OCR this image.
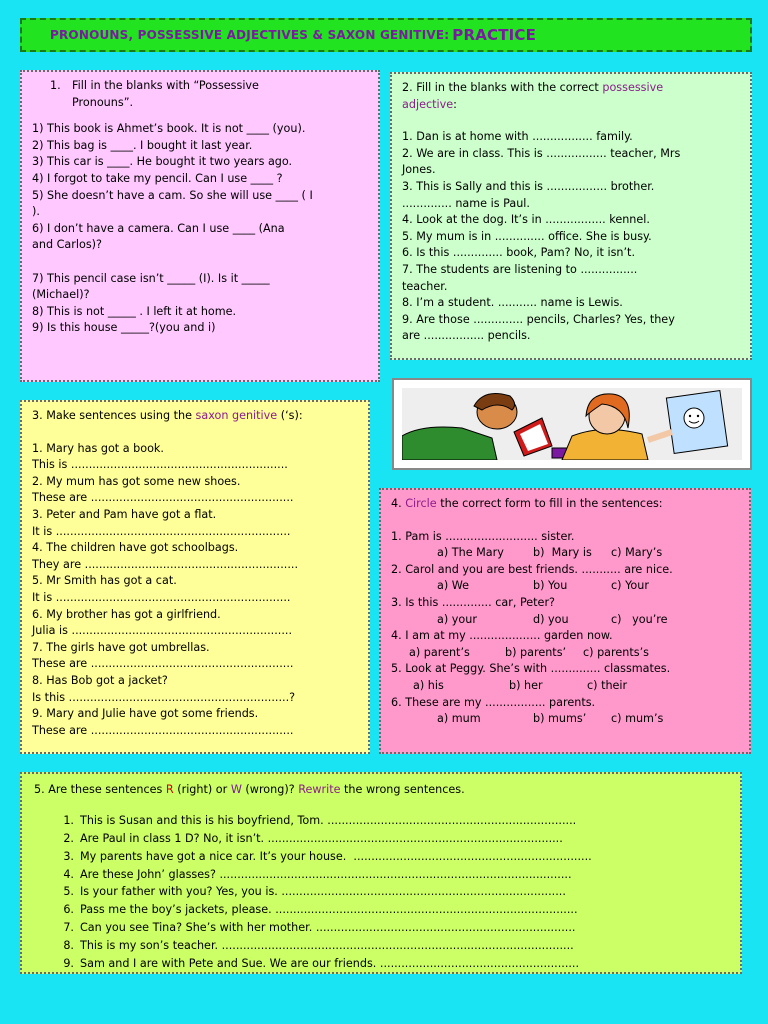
PRONOUNS, POSSESSIVE ADJECTIVES & SAXON GENITIVE: PRACTICE
1.	Fill in the blanks with “Possessive
Pronouns”.
1) This book is Ahmet’s book. It is not ____ (you).
2) This bag is ____. I bought it last year.
3) This car is ____. He bought it two years ago.
4) I forgot to take my pencil. Can I use ____ ?
5) She doesn’t have a cam. So she will use ____ ( I
).
6) I don’t have a camera. Can I use ____ (Ana
and Carlos)?
7) This pencil case isn’t _____ (I). Is it _____
(Michael)?
8) This is not _____ . I left it at home.
9) Is this house _____?(you and i)
2. Fill in the blanks with the correct possessive
adjective:
1. Dan is at home with ................. family.
2. We are in class. This is ................. teacher, Mrs
Jones.
3. This is Sally and this is ................. brother.
.............. name is Paul.
4. Look at the dog. It’s in ................. kennel.
5. My mum is in .............. office. She is busy.
6. Is this .............. book, Pam? No, it isn’t.
7. The students are listening to ................
teacher.
8. I’m a student. ........... name is Lewis.
9. Are those .............. pencils, Charles? Yes, they
are ................. pencils.
3. Make sentences using the saxon genitive (‘s):
1. Mary has got a book.
This is .............................................................
2. My mum has got some new shoes.
These are .........................................................
3. Peter and Pam have got a flat.
It is ..................................................................
4. The children have got schoolbags.
They are ............................................................
5. Mr Smith has got a cat.
It is ..................................................................
6. My brother has got a girlfriend.
Julia is ..............................................................
7. The girls have got umbrellas.
These are .........................................................
8. Has Bob got a jacket?
Is this ..............................................................?
9. Mary and Julie have got some friends.
These are .........................................................
4. Circle the correct form to fill in the sentences:
1. Pam is .......................... sister.
a) The Mary	b)  Mary is	c) Mary’s
2. Carol and you are best friends. ........... are nice.
a) We	b) You	c) Your
3. Is this .............. car, Peter?
a) your	d) you	c)   you’re
4. I am at my .................... garden now.
a) parent’s	b) parents’	c) parents’s
5. Look at Peggy. She’s with .............. classmates.
a) his	b) her	c) their
6. These are my ................. parents.
a) mum	b) mums’	c) mum’s
5. Are these sentences R (right) or W (wrong)? Rewrite the wrong sentences.
1. This is Susan and this is his boyfriend, Tom. ......................................................................
2. Are Paul in class 1 D? No, it isn’t. ...................................................................................
3. My parents have got a nice car. It’s your house.  ...................................................................
4. Are these John’ glasses? ...................................................................................................
5. Is your father with you? Yes, you is. ................................................................................
6. Pass me the boy’s jackets, please. .....................................................................................
7. Can you see Tina? She’s with her mother. .........................................................................
8. This is my son’s teacher. ...................................................................................................
9. Sam and I are with Pete and Sue. We are our friends. ........................................................
